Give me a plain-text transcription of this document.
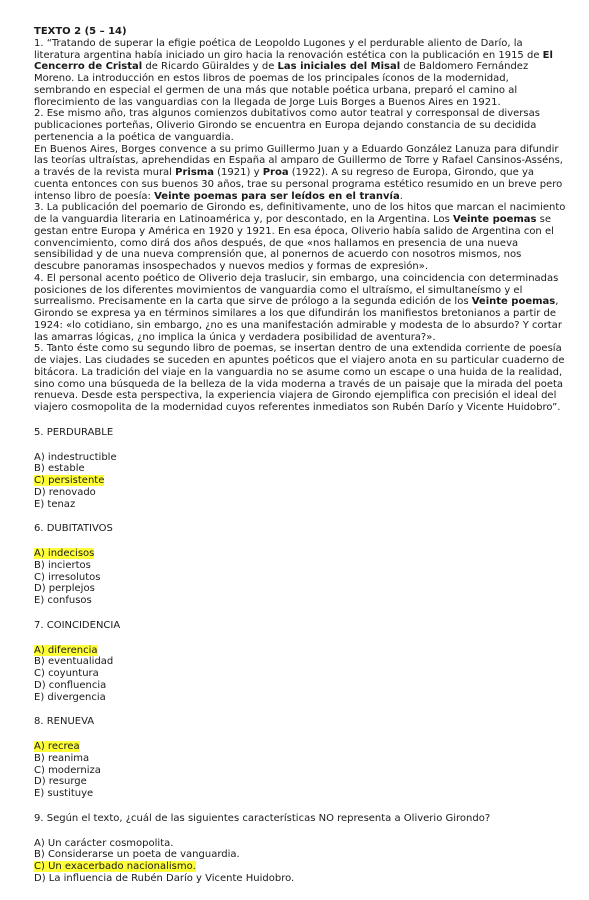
TEXTO 2 (5 – 14)

1. “Tratando de superar la efigie poética de Leopoldo Lugones y el perdurable aliento de Darío, la literatura argentina había iniciado un giro hacia la renovación estética con la publicación en 1915 de El Cencerro de Cristal de Ricardo Güiraldes y de Las iniciales del Misal de Baldomero Fernández Moreno. La introducción en estos libros de poemas de los principales íconos de la modernidad, sembrando en especial el germen de una más que notable poética urbana, preparó el camino al florecimiento de las vanguardias con la llegada de Jorge Luis Borges a Buenos Aires en 1921.

2. Ese mismo año, tras algunos comienzos dubitativos como autor teatral y corresponsal de diversas publicaciones porteñas, Oliverio Girondo se encuentra en Europa dejando constancia de su decidida pertenencia a la poética de vanguardia.

En Buenos Aires, Borges convence a su primo Guillermo Juan y a Eduardo González Lanuza para difundir las teorías ultraístas, aprehendidas en España al amparo de Guillermo de Torre y Rafael Cansinos-Asséns, a través de la revista mural Prisma (1921) y Proa (1922). A su regreso de Europa, Girondo, que ya cuenta entonces con sus buenos 30 años, trae su personal programa estético resumido en un breve pero intenso libro de poesía: Veinte poemas para ser leídos en el tranvía.

3. La publicación del poemario de Girondo es, definitivamente, uno de los hitos que marcan el nacimiento de la vanguardia literaria en Latinoamérica y, por descontado, en la Argentina. Los Veinte poemas se gestan entre Europa y América en 1920 y 1921. En esa época, Oliverio había salido de Argentina con el convencimiento, como dirá dos años después, de que «nos hallamos en presencia de una nueva sensibilidad y de una nueva comprensión que, al ponernos de acuerdo con nosotros mismos, nos descubre panoramas insospechados y nuevos medios y formas de expresión».

4. El personal acento poético de Oliverio deja traslucir, sin embargo, una coincidencia con determinadas posiciones de los diferentes movimientos de vanguardia como el ultraísmo, el simultaneísmo y el surrealismo. Precisamente en la carta que sirve de prólogo a la segunda edición de los Veinte poemas, Girondo se expresa ya en términos similares a los que difundirán los manifiestos bretonianos a partir de 1924: «lo cotidiano, sin embargo, ¿no es una manifestación admirable y modesta de lo absurdo? Y cortar las amarras lógicas, ¿no implica la única y verdadera posibilidad de aventura?».

5. Tanto éste como su segundo libro de poemas, se insertan dentro de una extendida corriente de poesía de viajes. Las ciudades se suceden en apuntes poéticos que el viajero anota en su particular cuaderno de bitácora. La tradición del viaje en la vanguardia no se asume como un escape o una huida de la realidad, sino como una búsqueda de la belleza de la vida moderna a través de un paisaje que la mirada del poeta renueva. Desde esta perspectiva, la experiencia viajera de Girondo ejemplifica con precisión el ideal del viajero cosmopolita de la modernidad cuyos referentes inmediatos son Rubén Darío y Vicente Huidobro”.

5. PERDURABLE

A) indestructible
B) estable
C) persistente
D) renovado
E) tenaz

6. DUBITATIVOS

A) indecisos
B) inciertos
C) irresolutos
D) perplejos
E) confusos

7. COINCIDENCIA

A) diferencia
B) eventualidad
C) coyuntura
D) confluencia
E) divergencia

8. RENUEVA

A) recrea
B) reanima
C) moderniza
D) resurge
E) sustituye

9. Según el texto, ¿cuál de las siguientes características NO representa a Oliverio Girondo?

A) Un carácter cosmopolita.
B) Considerarse un poeta de vanguardia.
C) Un exacerbado nacionalismo.
D) La influencia de Rubén Darío y Vicente Huidobro.
